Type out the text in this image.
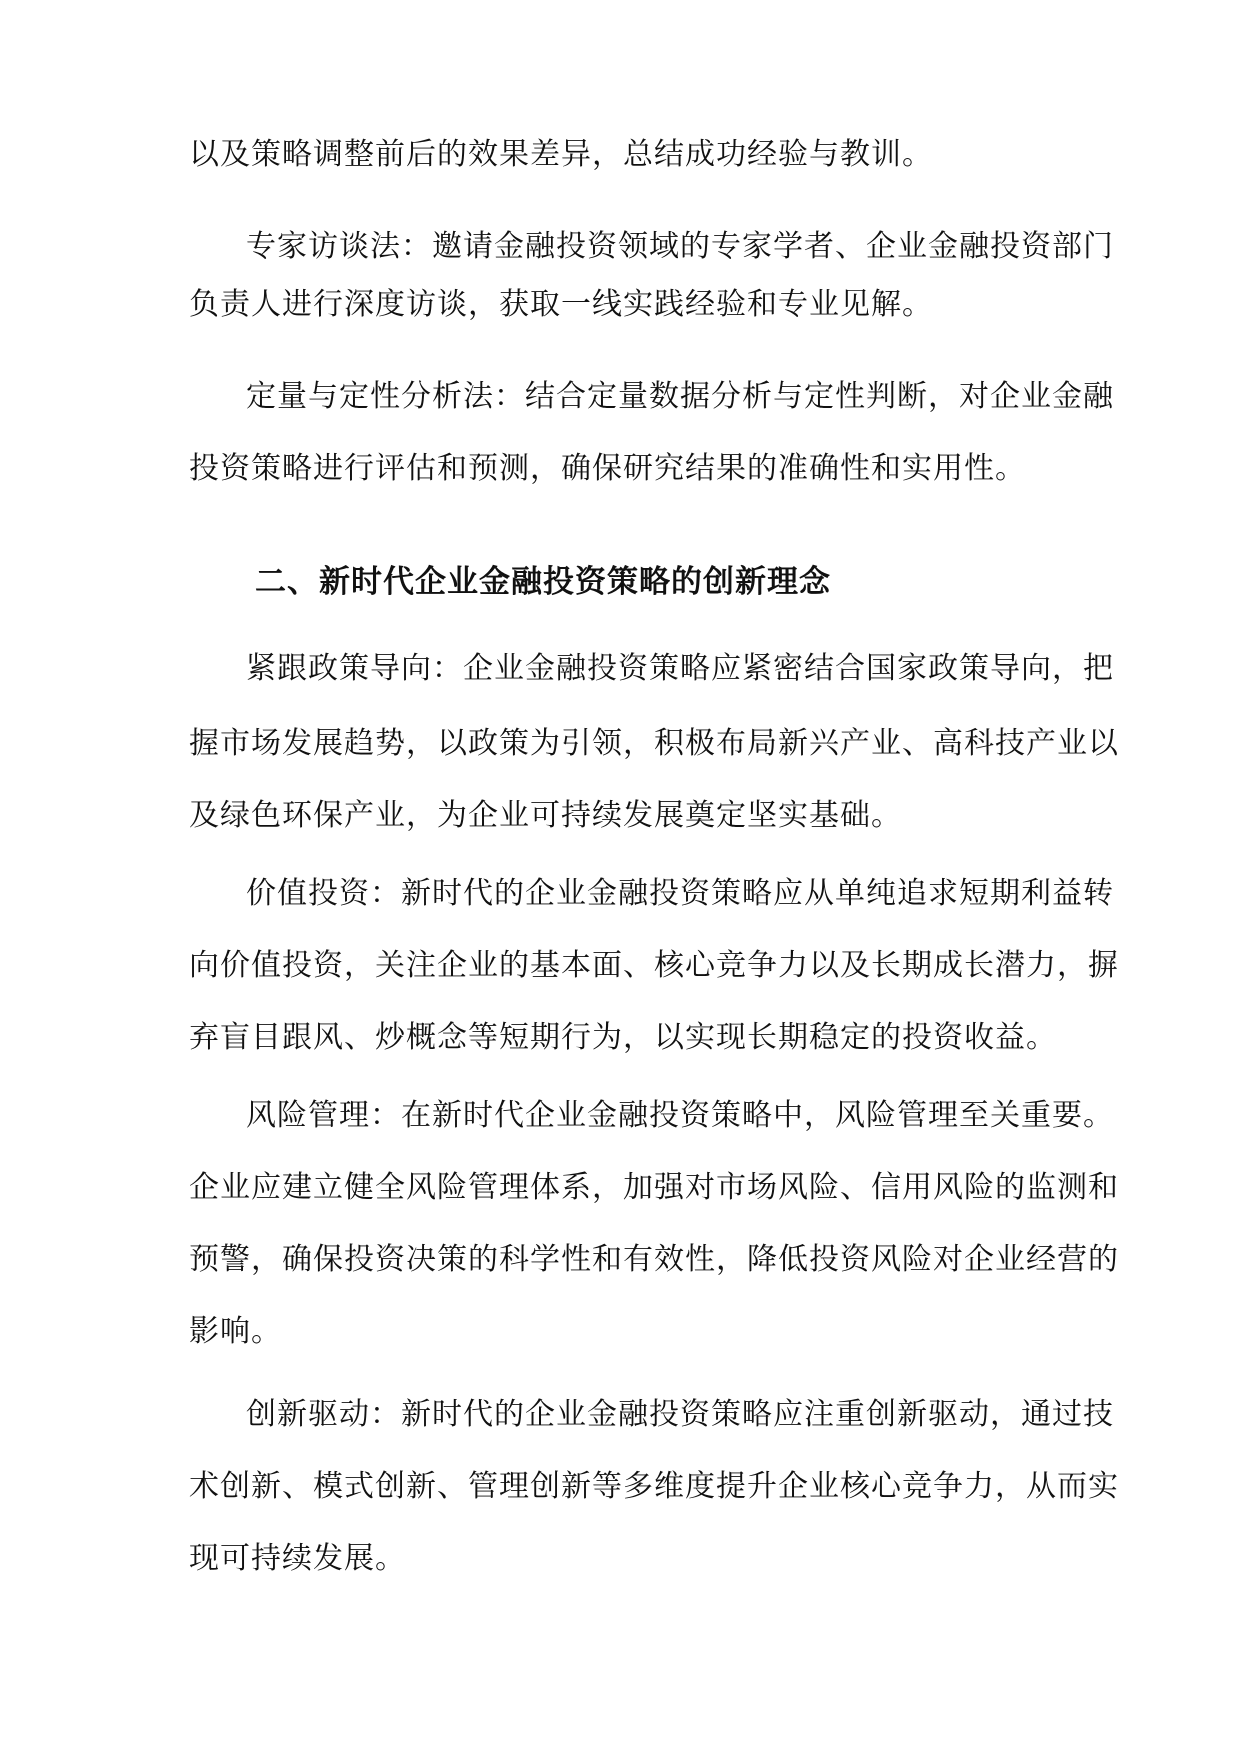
以及策略调整前后的效果差异，总结成功经验与教训。
专家访谈法：邀请金融投资领域的专家学者、企业金融投资部门
负责人进行深度访谈，获取一线实践经验和专业见解。
定量与定性分析法：结合定量数据分析与定性判断，对企业金融
投资策略进行评估和预测，确保研究结果的准确性和实用性。
二、新时代企业金融投资策略的创新理念
紧跟政策导向：企业金融投资策略应紧密结合国家政策导向，把
握市场发展趋势，以政策为引领，积极布局新兴产业、高科技产业以
及绿色环保产业，为企业可持续发展奠定坚实基础。
价值投资：新时代的企业金融投资策略应从单纯追求短期利益转
向价值投资，关注企业的基本面、核心竞争力以及长期成长潜力，摒
弃盲目跟风、炒概念等短期行为，以实现长期稳定的投资收益。
风险管理：在新时代企业金融投资策略中，风险管理至关重要。
企业应建立健全风险管理体系，加强对市场风险、信用风险的监测和
预警，确保投资决策的科学性和有效性，降低投资风险对企业经营的
影响。
创新驱动：新时代的企业金融投资策略应注重创新驱动，通过技
术创新、模式创新、管理创新等多维度提升企业核心竞争力，从而实
现可持续发展。
